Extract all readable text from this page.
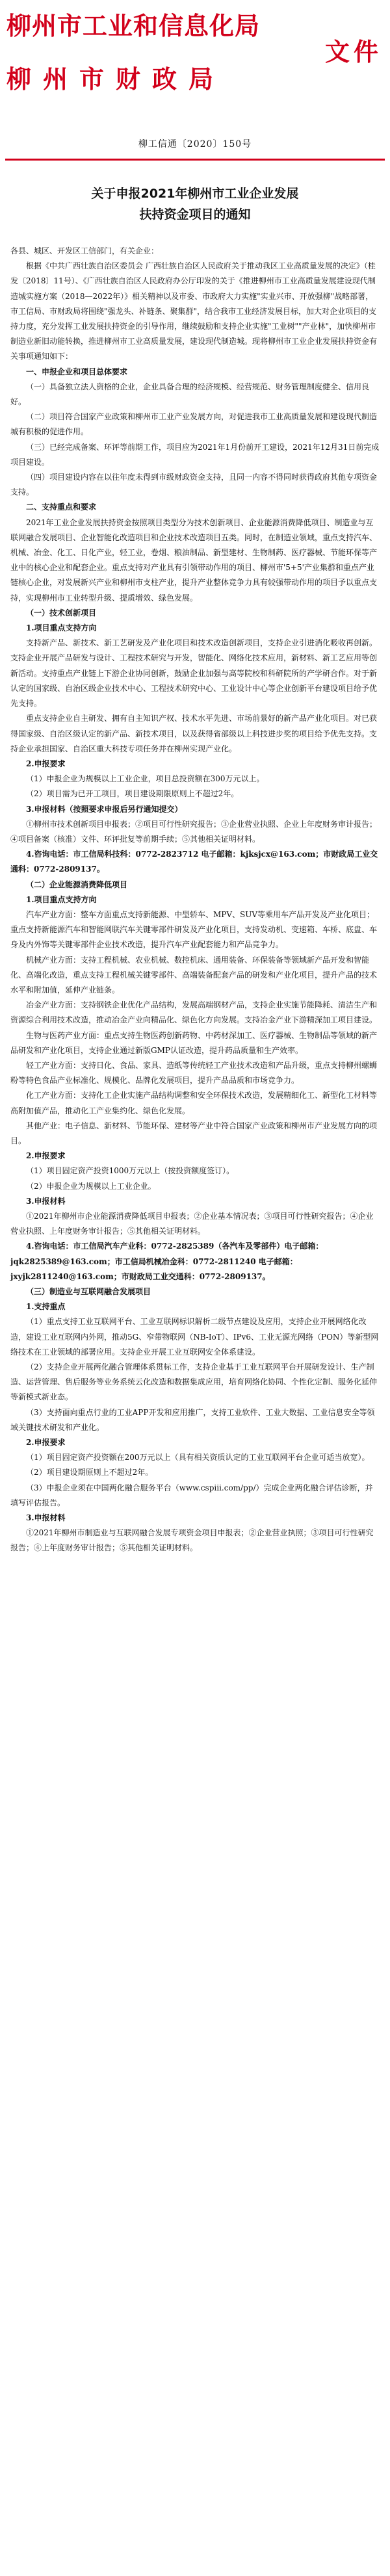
柳州市工业和信息化局
文件
柳州市财政局
柳工信通〔2020〕150号
关于申报2021年柳州市工业企业发展
扶持资金项目的通知

各县、城区、开发区工信部门，有关企业：

根据《中共广西壮族自治区委员会 广西壮族自治区人民政府关于推动我区工业高质量发展的决定》（桂发〔2018〕11号）、《广西壮族自治区人民政府办公厅印发的关于《推进柳州市工业高质量发展建设现代制造城实施方案（2018—2022年）》相关精神以及市委、市政府大力实施"实业兴市、开放强柳"战略部署，市工信局、市财政局将围绕"强龙头、补链条、聚集群"，结合我市工业经济发展目标，加大对企业项目的支持力度，充分发挥工业发展扶持资金的引导作用，继续鼓励和支持企业实施"工业树""产业林"，加快柳州市制造业新旧动能转换，推进柳州市工业高质量发展，建设现代制造城。现将柳州市工业企业发展扶持资金有关事项通知如下：

一、申报企业和项目总体要求

（一）具备独立法人资格的企业，企业具备合理的经济规模、经营规范、财务管理制度健全、信用良好。

（二）项目符合国家产业政策和柳州市工业产业发展方向，对促进我市工业高质量发展和建设现代制造城有积极的促进作用。

（三）已经完成备案、环评等前期工作，项目应为2021年1月份前开工建设，2021年12月31日前完成项目建设。

（四）项目建设内容在以往年度未得到市级财政资金支持，且同一内容不得同时获得政府其他专项资金支持。

二、支持重点和要求

2021年工业企业发展扶持资金按照项目类型分为技术创新项目、企业能源消费降低项目、制造业与互联网融合发展项目、企业智能化改造项目和企业技术改造项目五类。同时，在制造业领域，重点支持汽车、机械、冶金、化工、日化产业，轻工业，卷烟、粮油制品、新型建材、生物制药、医疗器械、节能环保等产业中的核心企业和配套企业。重点支持对产业具有引领带动作用的项目、柳州市'5+5'产业集群和重点产业链核心企业，对发展新兴产业和柳州市支柱产业，提升产业整体竞争力具有较强带动作用的项目予以重点支持，实现柳州市工业转型升级、提质增效、绿色发展。

（一）技术创新项目

1.项目重点支持方向

支持新产品、新技术、新工艺研发及产业化项目和技术改造创新项目，支持企业引进消化吸收再创新。支持企业开展产品研发与设计、工程技术研究与开发，智能化、网络化技术应用，新材料、新工艺应用等创新活动。支持重点产业链上下游企业协同创新，鼓励企业加强与高等院校和科研院所的产学研合作。对于新认定的国家级、自治区级企业技术中心、工程技术研究中心、工业设计中心等企业创新平台建设项目给予优先支持。

重点支持企业自主研发、拥有自主知识产权、技术水平先进、市场前景好的新产品产业化项目。对已获得国家级、自治区级认定的新产品、新技术项目，以及获得省部级以上科技进步奖的项目给予优先支持。支持企业承担国家、自治区重大科技专项任务并在柳州实现产业化。

2.申报要求

（1）申报企业为规模以上工业企业，项目总投资额在300万元以上。

（2）项目需为已开工项目，项目建设期限原则上不超过2年。

3.申报材料（按照要求申报后另行通知提交）

①柳州市技术创新项目申报表；②项目可行性研究报告；③企业营业执照、企业上年度财务审计报告；④项目备案（核准）文件、环评批复等前期手续；⑤其他相关证明材料。

4.咨询电话：市工信局科技科：0772-2823712 电子邮箱：kjksjcx@163.com；市财政局工业交通科：0772-2809137。

（二）企业能源消费降低项目

1.项目重点支持方向

汽车产业方面：整车方面重点支持新能源、中型轿车、MPV、SUV等乘用车产品开发及产业化项目；重点支持新能源汽车和智能网联汽车关键零部件研发及产业化项目，支持发动机、变速箱、车桥、底盘、车身及内外饰等关键零部件企业技术改造，提升汽车产业配套能力和产品竞争力。

机械产业方面：支持工程机械、农业机械、数控机床、通用装备、环保装备等领域新产品开发和智能化、高端化改造，重点支持工程机械关键零部件、高端装备配套产品的研发和产业化项目，提升产品的技术水平和附加值，延伸产业链条。

冶金产业方面：支持钢铁企业优化产品结构，发展高端钢材产品，支持企业实施节能降耗、清洁生产和资源综合利用技术改造，推动冶金产业向精品化、绿色化方向发展。支持冶金产业下游精深加工项目建设。

生物与医药产业方面：重点支持生物医药创新药物、中药材深加工、医疗器械、生物制品等领域的新产品研发和产业化项目，支持企业通过新版GMP认证改造，提升药品质量和生产效率。

轻工产业方面：支持日化、食品、家具、造纸等传统轻工产业技术改造和产品升级，重点支持柳州螺蛳粉等特色食品产业标准化、规模化、品牌化发展项目，提升产品品质和市场竞争力。

化工产业方面：支持化工企业实施产品结构调整和安全环保技术改造，发展精细化工、新型化工材料等高附加值产品，推动化工产业集约化、绿色化发展。

其他产业：电子信息、新材料、节能环保、建材等产业中符合国家产业政策和柳州市产业发展方向的项目。

2.申报要求

（1）项目固定资产投资1000万元以上（按投资额度签订）。

（2）申报企业为规模以上工业企业。

3.申报材料

①2021年柳州市企业能源消费降低项目申报表；②企业基本情况表；③项目可行性研究报告；④企业营业执照、上年度财务审计报告；⑤其他相关证明材料。

4.咨询电话：市工信局汽车产业科：0772-2825389（各汽车及零部件）电子邮箱：jqk2825389@163.com；市工信局机械冶金科：0772-2811240 电子邮箱：jxyjk2811240@163.com；市财政局工业交通科：0772-2809137。

（三）制造业与互联网融合发展项目

1.支持重点

（1）重点支持工业互联网平台、工业互联网标识解析二级节点建设及应用，支持企业开展网络化改造，建设工业互联网内外网，推动5G、窄带物联网（NB-IoT）、IPv6、工业无源光网络（PON）等新型网络技术在工业领域的部署应用。支持企业开展工业互联网安全体系建设。

（2）支持企业开展两化融合管理体系贯标工作，支持企业基于工业互联网平台开展研发设计、生产制造、运营管理、售后服务等业务系统云化改造和数据集成应用，培育网络化协同、个性化定制、服务化延伸等新模式新业态。

（3）支持面向重点行业的工业APP开发和应用推广，支持工业软件、工业大数据、工业信息安全等领域关键技术研发和产业化。

2.申报要求

（1）项目固定资产投资额在200万元以上（具有相关资质认定的工业互联网平台企业可适当放宽）。

（2）项目建设期原则上不超过2年。

（3）申报企业须在中国两化融合服务平台（www.cspiii.com/pp/）完成企业两化融合评估诊断，并填写评估报告。

3.申报材料

①2021年柳州市制造业与互联网融合发展专项资金项目申报表；②企业营业执照；③项目可行性研究报告；④上年度财务审计报告；⑤其他相关证明材料。
